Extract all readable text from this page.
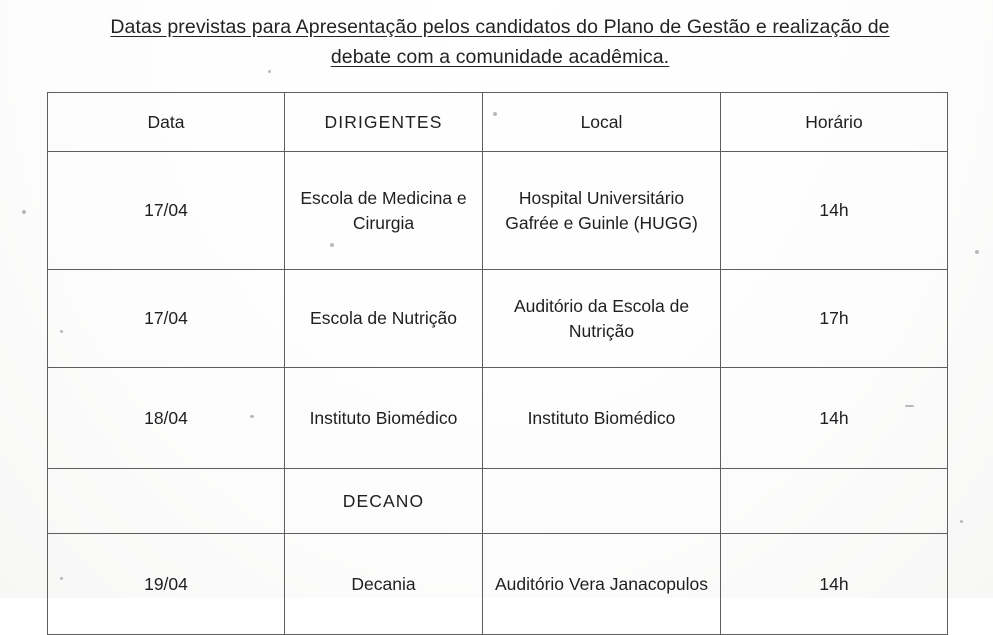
Datas previstas para Apresentação pelos candidatos do Plano de Gestão e realização de
debate com a comunidade acadêmica.
Data	DIRIGENTES	Local	Horário
17/04	Escola de Medicina e Cirurgia	Hospital Universitário Gafrée e Guinle (HUGG)	14h
17/04	Escola de Nutrição	Auditório da Escola de Nutrição	17h
18/04	Instituto Biomédico	Instituto Biomédico	14h
	DECANO		
19/04	Decania	Auditório Vera Janacopulos	14h
